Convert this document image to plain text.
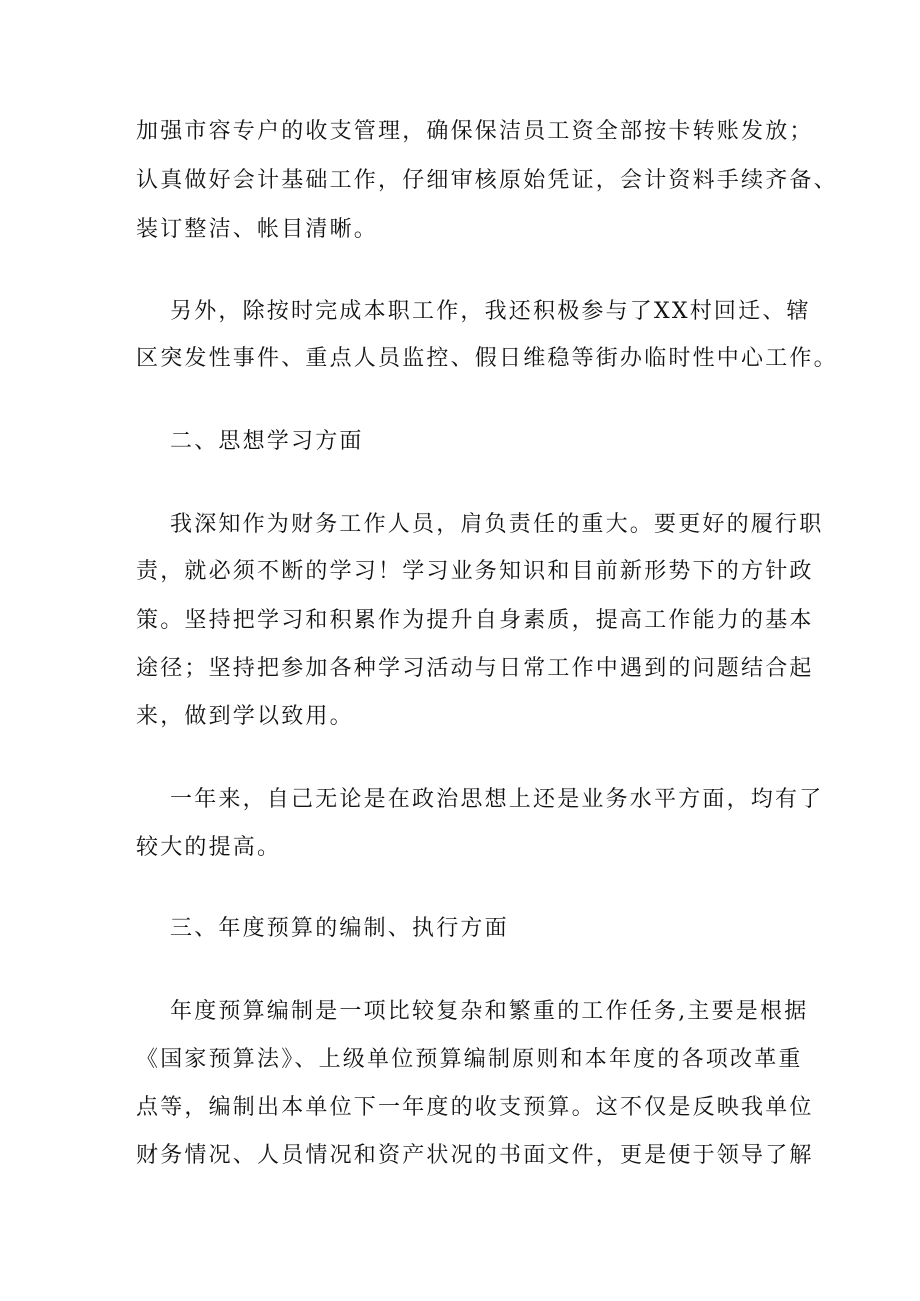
加强市容专户的收支管理，确保保洁员工资全部按卡转账发放；

认真做好会计基础工作，仔细审核原始凭证，会计资料手续齐备、

装订整洁、帐目清晰。

另外，除按时完成本职工作，我还积极参与了XX村回迁、辖

区突发性事件、重点人员监控、假日维稳等街办临时性中心工作。

二、思想学习方面

我深知作为财务工作人员，肩负责任的重大。要更好的履行职

责，就必须不断的学习！学习业务知识和目前新形势下的方针政

策。坚持把学习和积累作为提升自身素质，提高工作能力的基本

途径；坚持把参加各种学习活动与日常工作中遇到的问题结合起

来，做到学以致用。

一年来，自己无论是在政治思想上还是业务水平方面，均有了

较大的提高。

三、年度预算的编制、执行方面

年度预算编制是一项比较复杂和繁重的工作任务,主要是根据

《国家预算法》、上级单位预算编制原则和本年度的各项改革重

点等，编制出本单位下一年度的收支预算。这不仅是反映我单位

财务情况、人员情况和资产状况的书面文件，更是便于领导了解
